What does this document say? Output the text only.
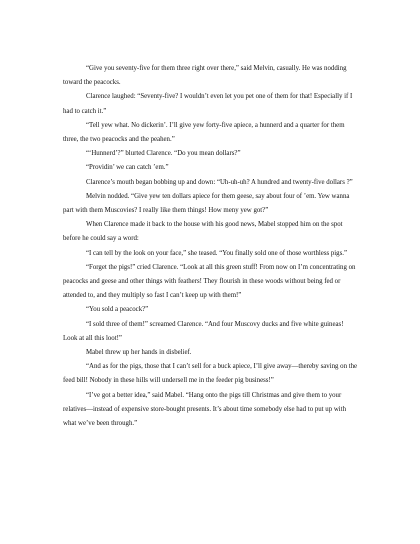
“Give you seventy-five for them three right over there,” said Melvin, casually. He was nodding toward the peacocks.

Clarence laughed: “Seventy-five? I wouldn’t even let you pet one of them for that! Especially if I had to catch it.”

“Tell yew what. No dickerin’. I’ll give yew forty-five apiece, a hunnerd and a quarter for them three, the two peacocks and the peahen.”

“‘Hunnerd’?” blurted Clarence. “Do you mean dollars?”

“Providin’ we can catch ’em.”

Clarence’s mouth began bobbing up and down: “Uh-uh-uh? A hundred and twenty-five dollars ?”

Melvin nodded. “Give yew ten dollars apiece for them geese, say about four of ’em. Yew wanna part with them Muscovies? I really like them things! How meny yew got?”

When Clarence made it back to the house with his good news, Mabel stopped him on the spot before he could say a word:

“I can tell by the look on your face,” she teased. “You finally sold one of those worthless pigs.”

“Forget the pigs!” cried Clarence. “Look at all this green stuff! From now on I’m concentrating on peacocks and geese and other things with feathers! They flourish in these woods without being fed or attended to, and they multiply so fast I can’t keep up with them!”

“You sold a peacock?”

“I sold three of them!” screamed Clarence. “And four Muscovy ducks and five white guineas! Look at all this loot!”

Mabel threw up her hands in disbelief.

“And as for the pigs, those that I can’t sell for a buck apiece, I’ll give away—thereby saving on the feed bill! Nobody in these hills will undersell me in the feeder pig business!”

“I’ve got a better idea,” said Mabel. “Hang onto the pigs till Christmas and give them to your relatives—instead of expensive store-bought presents. It’s about time somebody else had to put up with what we’ve been through.”
